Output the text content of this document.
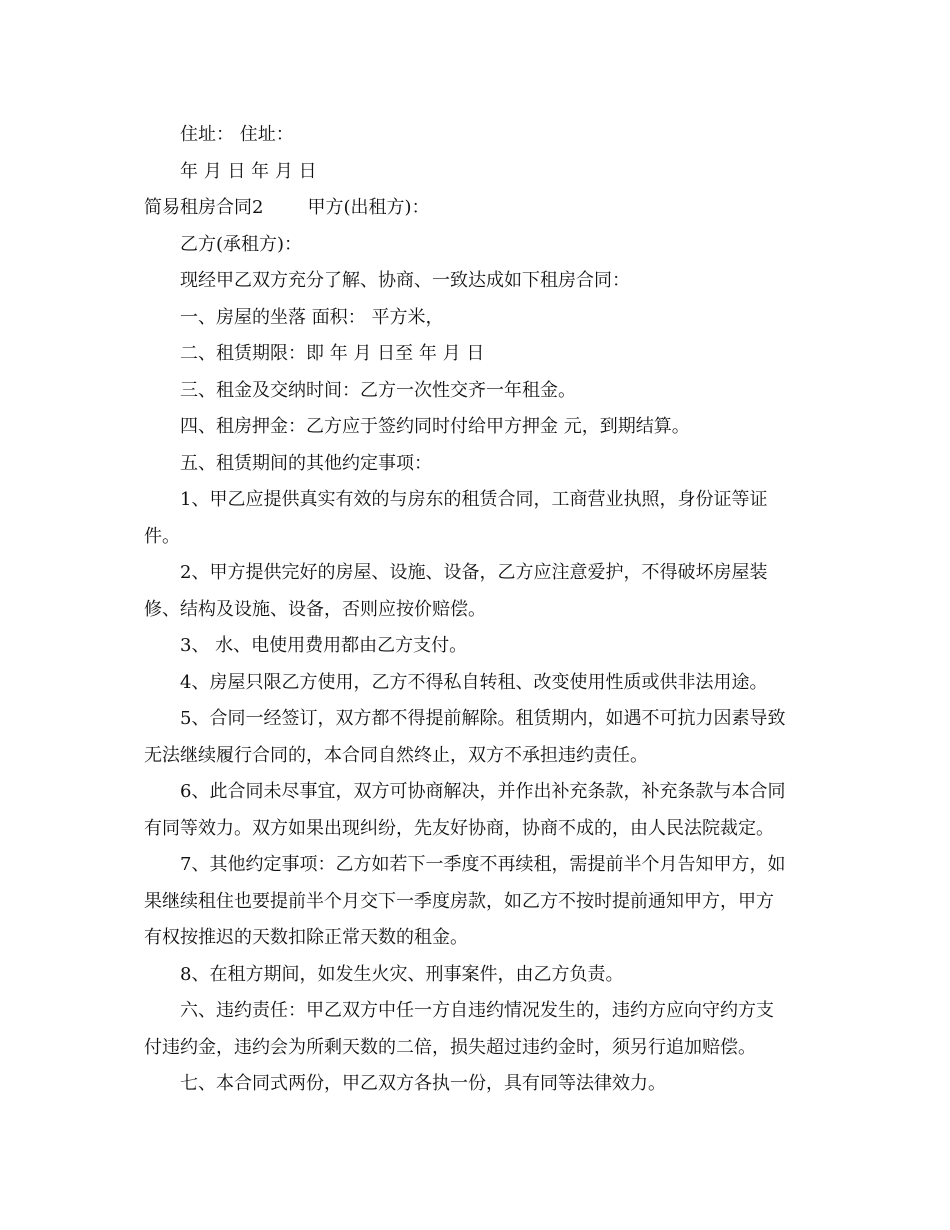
住址： 住址：
年 月 日 年 月 日
简易租房合同2 甲方(出租方)：
乙方(承租方)：
现经甲乙双方充分了解、协商、一致达成如下租房合同：
一、房屋的坐落 面积： 平方米，
二、租赁期限：即 年 月 日至 年 月 日
三、租金及交纳时间：乙方一次性交齐一年租金。
四、租房押金：乙方应于签约同时付给甲方押金 元，到期结算。
五、租赁期间的其他约定事项：
1、甲乙应提供真实有效的与房东的租赁合同，工商营业执照，身份证等证
件。
2、甲方提供完好的房屋、设施、设备，乙方应注意爱护，不得破坏房屋装
修、结构及设施、设备，否则应按价赔偿。
3、 水、电使用费用都由乙方支付。
4、房屋只限乙方使用，乙方不得私自转租、改变使用性质或供非法用途。
5、合同一经签订，双方都不得提前解除。租赁期内，如遇不可抗力因素导致
无法继续履行合同的，本合同自然终止，双方不承担违约责任。
6、此合同未尽事宜，双方可协商解决，并作出补充条款，补充条款与本合同
有同等效力。双方如果出现纠纷，先友好协商，协商不成的，由人民法院裁定。
7、其他约定事项：乙方如若下一季度不再续租，需提前半个月告知甲方，如
果继续租住也要提前半个月交下一季度房款，如乙方不按时提前通知甲方，甲方
有权按推迟的天数扣除正常天数的租金。
8、在租方期间，如发生火灾、刑事案件，由乙方负责。
六、违约责任：甲乙双方中任一方自违约情况发生的，违约方应向守约方支
付违约金，违约会为所剩天数的二倍，损失超过违约金时，须另行追加赔偿。
七、本合同式两份，甲乙双方各执一份，具有同等法律效力。
